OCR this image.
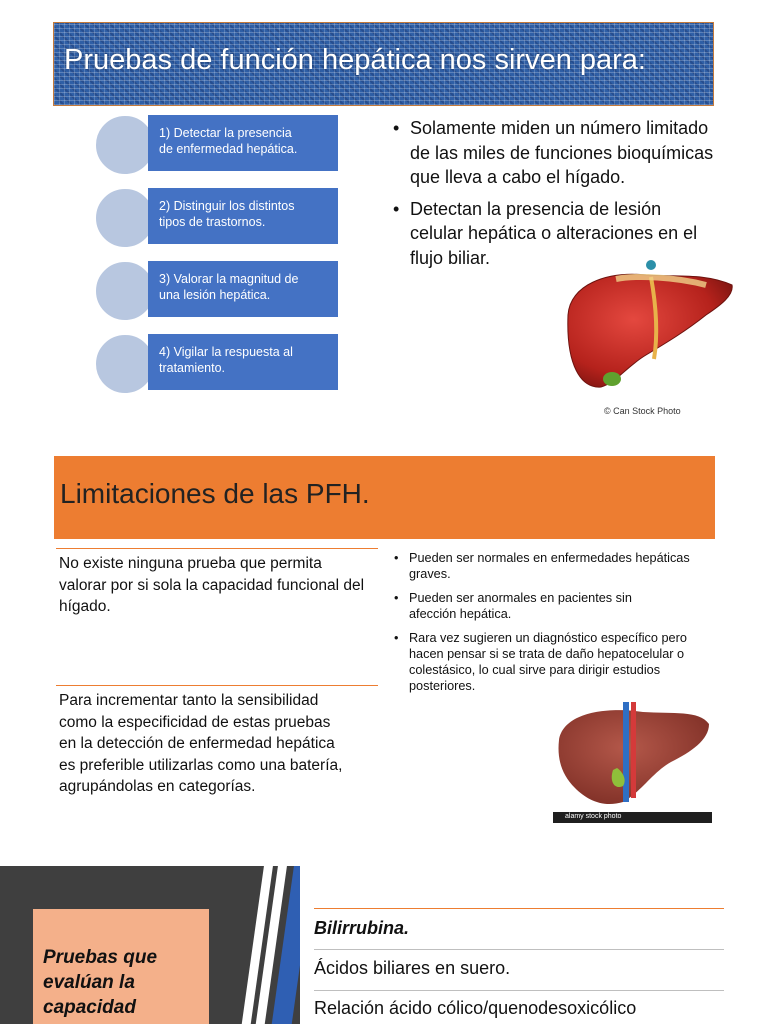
Pruebas de función hepática nos sirven para:
1) Detectar la presencia
de enfermedad hepática.
2) Distinguir los distintos
tipos de trastornos.
3) Valorar la magnitud de
una lesión hepática.
4) Vigilar la respuesta al
tratamiento.
• Solamente miden un número limitado de las miles de funciones bioquímicas que lleva a cabo el hígado.
• Detectan la presencia de lesión celular hepática o alteraciones en el flujo biliar.
© Can Stock Photo
Limitaciones de las PFH.
No existe ninguna prueba que permita valorar por si sola la capacidad funcional del hígado.
Para incrementar tanto la sensibilidad como la especificidad de estas pruebas en la detección de enfermedad hepática es preferible utilizarlas como una batería, agrupándolas en categorías.
• Pueden ser normales en enfermedades hepáticas graves.
• Pueden ser anormales en pacientes sin afección hepática.
• Rara vez sugieren un diagnóstico específico pero hacen pensar si se trata de daño hepatocelular o colestásico, lo cual sirve para dirigir estudios posteriores.
alamy stock photo
Pruebas que evalúan la capacidad
Bilirrubina.
Ácidos biliares en suero.
Relación ácido cólico/quenodesoxicólico
